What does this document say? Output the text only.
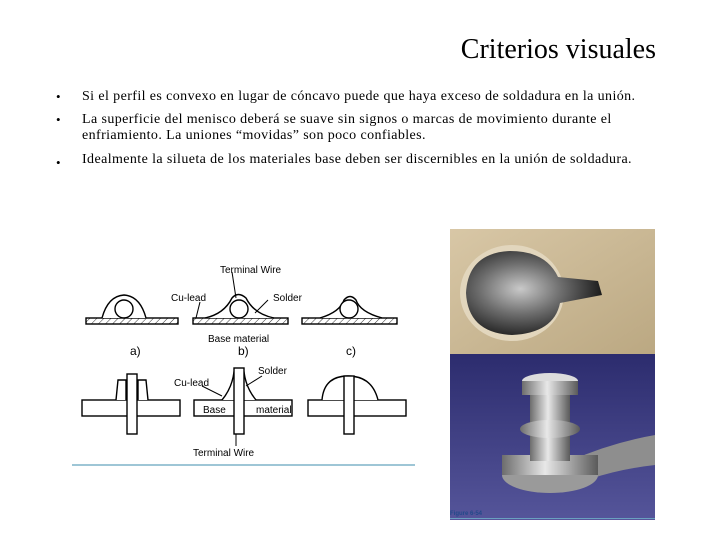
Criterios visuales
• Si el perfil es convexo en lugar de cóncavo puede que haya exceso de soldadura en la unión.
• La superficie del menisco deberá se suave sin signos o marcas de movimiento durante el enfriamiento. La uniones “movidas” son poco confiables.
• Idealmente la silueta de los materiales base deben ser discernibles en la unión de soldadura.
Terminal Wire
Cu-lead	Solder
Base material
a)	b)	c)
Cu-lead
Solder
Base	material
Terminal Wire
Figure 6-54
